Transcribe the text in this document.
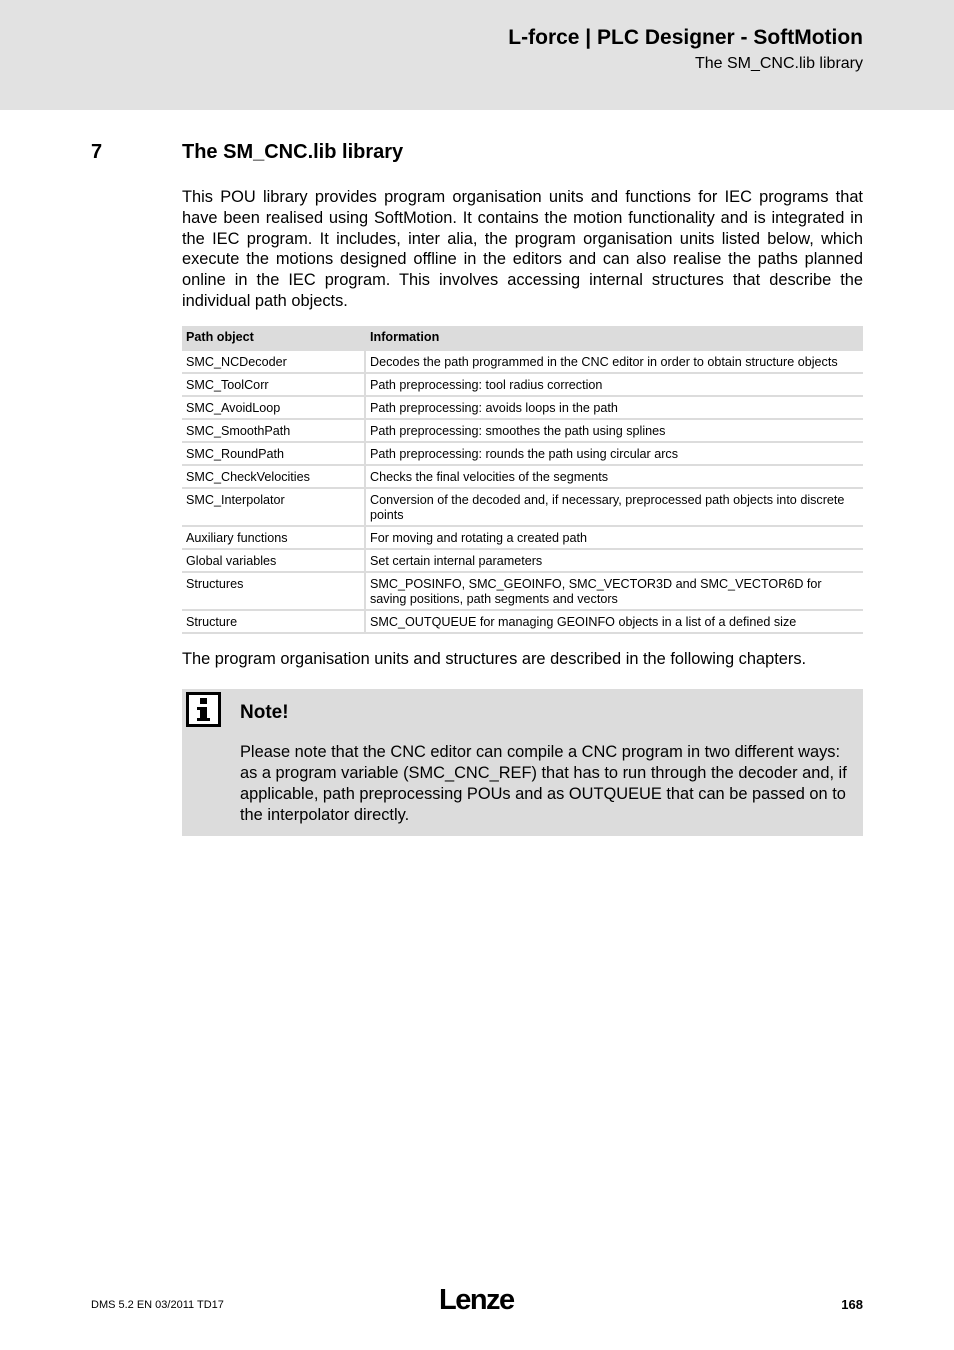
L-force | PLC Designer - SoftMotion
The SM_CNC.lib library
7	The SM_CNC.lib library

This POU library provides program organisation units and functions for IEC programs that have been realised using SoftMotion. It contains the motion functionality and is integrated in the IEC program. It includes, inter alia, the program organisation units listed below, which execute the motions designed offline in the editors and can also realise the paths planned online in the IEC program. This involves accessing internal structures that describe the individual path objects.

Path object	Information
SMC_NCDecoder	Decodes the path programmed in the CNC editor in order to obtain structure objects
SMC_ToolCorr	Path preprocessing: tool radius correction
SMC_AvoidLoop	Path preprocessing: avoids loops in the path
SMC_SmoothPath	Path preprocessing: smoothes the path using splines
SMC_RoundPath	Path preprocessing: rounds the path using circular arcs
SMC_CheckVelocities	Checks the final velocities of the segments
SMC_Interpolator	Conversion of the decoded and, if necessary, preprocessed path objects into discrete points
Auxiliary functions	For moving and rotating a created path
Global variables	Set certain internal parameters
Structures	SMC_POSINFO, SMC_GEOINFO, SMC_VECTOR3D and SMC_VECTOR6D for saving positions, path segments and vectors
Structure	SMC_OUTQUEUE for managing GEOINFO objects in a list of a defined size

The program organisation units and structures are described in the following chapters.

Note!

Please note that the CNC editor can compile a CNC program in two different ways: as a program variable (SMC_CNC_REF) that has to run through the decoder and, if applicable, path preprocessing POUs and as OUTQUEUE that can be passed on to the interpolator directly.

DMS 5.2 EN 03/2011 TD17	Lenze	168
